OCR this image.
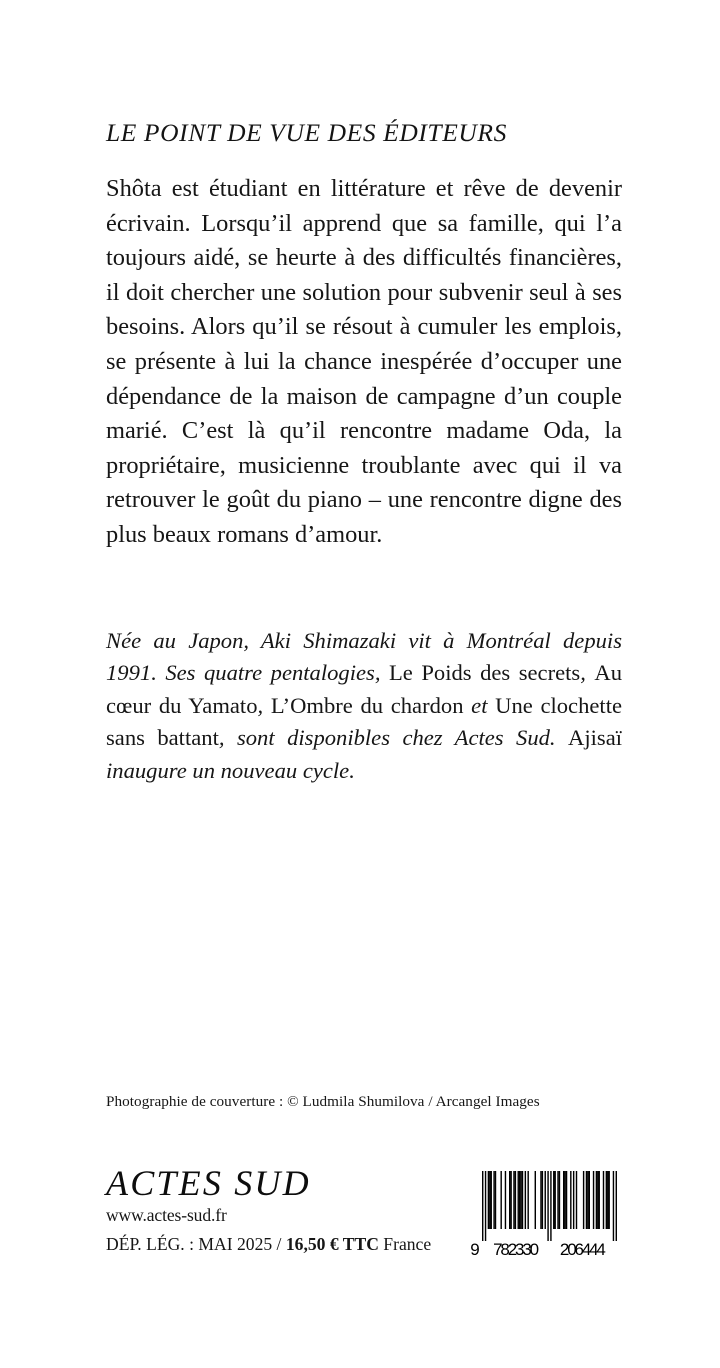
LE POINT DE VUE DES ÉDITEURS
Shôta est étudiant en littérature et rêve de devenir écrivain. Lorsqu’il apprend que sa famille, qui l’a toujours aidé, se heurte à des difficultés financières, il doit chercher une solution pour subvenir seul à ses besoins. Alors qu’il se résout à cumuler les emplois, se présente à lui la chance inespérée d’occuper une dépendance de la maison de campagne d’un couple marié. C’est là qu’il rencontre madame Oda, la propriétaire, musicienne troublante avec qui il va retrouver le goût du piano – une rencontre digne des plus beaux romans d’amour.
Née au Japon, Aki Shimazaki vit à Montréal depuis 1991. Ses quatre pentalogies, Le Poids des secrets, Au cœur du Yamato, L’Ombre du chardon et Une clochette sans battant, sont disponibles chez Actes Sud. Ajisaï inaugure un nouveau cycle.
Photographie de couverture : © Ludmila Shumilova / Arcangel Images
ACTES SUD
www.actes-sud.fr
DÉP. LÉG. : MAI 2025 / 16,50 € TTC France 9 782330 206444
